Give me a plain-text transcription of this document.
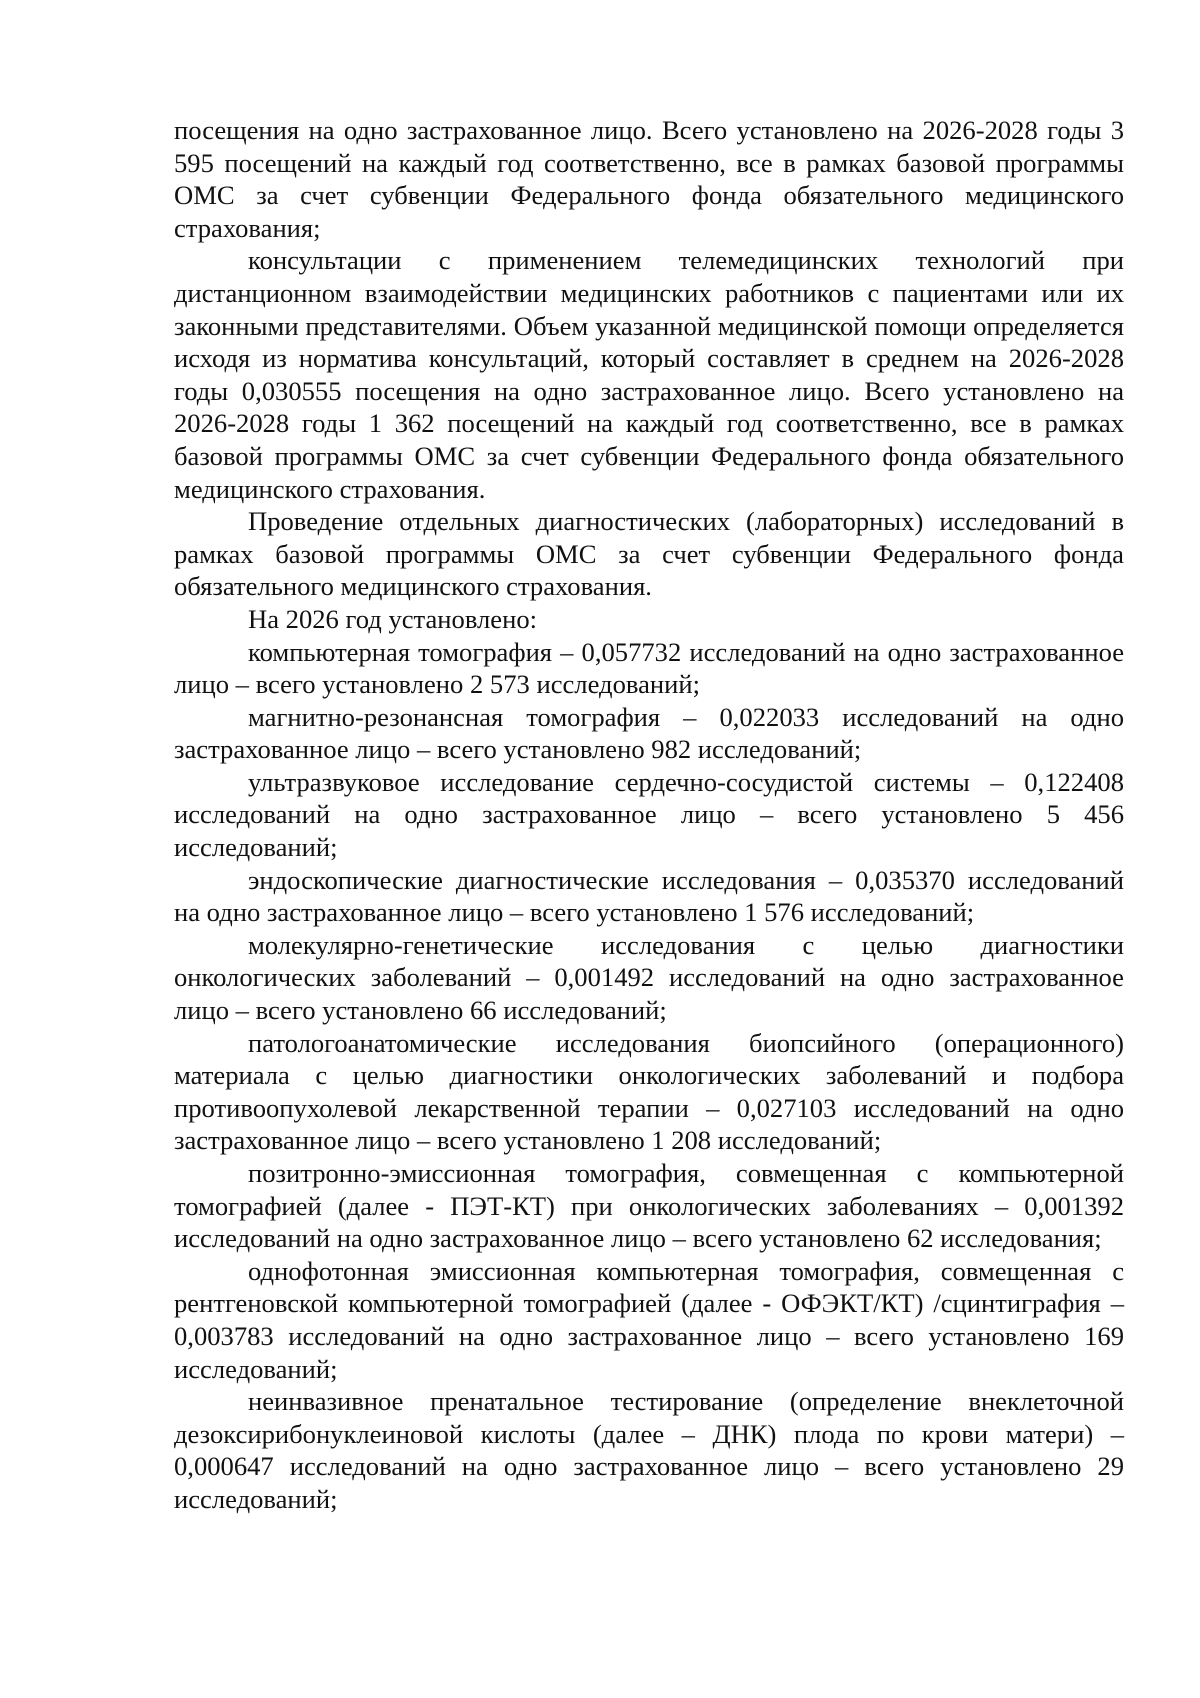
посещения на одно застрахованное лицо. Всего установлено на 2026-2028 годы 3 595 посещений на каждый год соответственно, все в рамках базовой программы ОМС за счет субвенции Федерального фонда обязательного медицинского страхования;

консультации с применением телемедицинских технологий при дистанционном взаимодействии медицинских работников с пациентами или их законными представителями. Объем указанной медицинской помощи определяется исходя из норматива консультаций, который составляет в среднем на 2026-2028 годы 0,030555 посещения на одно застрахованное лицо. Всего установлено на 2026-2028 годы 1 362 посещений на каждый год соответственно, все в рамках базовой программы ОМС за счет субвенции Федерального фонда обязательного медицинского страхования.

Проведение отдельных диагностических (лабораторных) исследований в рамках базовой программы ОМС за счет субвенции Федерального фонда обязательного медицинского страхования.

На 2026 год установлено:

компьютерная томография – 0,057732 исследований на одно застрахованное лицо – всего установлено 2 573 исследований;

магнитно-резонансная томография – 0,022033 исследований на одно застрахованное лицо – всего установлено 982 исследований;

ультразвуковое исследование сердечно-сосудистой системы – 0,122408 исследований на одно застрахованное лицо – всего установлено 5 456 исследований;

эндоскопические диагностические исследования – 0,035370 исследований на одно застрахованное лицо – всего установлено 1 576 исследований;

молекулярно-генетические исследования с целью диагностики онкологических заболеваний – 0,001492 исследований на одно застрахованное лицо – всего установлено 66 исследований;

патологоанатомические исследования биопсийного (операционного) материала с целью диагностики онкологических заболеваний и подбора противоопухолевой лекарственной терапии – 0,027103 исследований на одно застрахованное лицо – всего установлено 1 208 исследований;

позитронно-эмиссионная томография, совмещенная с компьютерной томографией (далее - ПЭТ-КТ) при онкологических заболеваниях – 0,001392 исследований на одно застрахованное лицо – всего установлено 62 исследования;

однофотонная эмиссионная компьютерная томография, совмещенная с рентгеновской компьютерной томографией (далее - ОФЭКТ/КТ) /сцинтиграфия – 0,003783 исследований на одно застрахованное лицо – всего установлено 169 исследований;

неинвазивное пренатальное тестирование (определение внеклеточной дезоксирибонуклеиновой кислоты (далее – ДНК) плода по крови матери) – 0,000647 исследований на одно застрахованное лицо – всего установлено 29 исследований;
